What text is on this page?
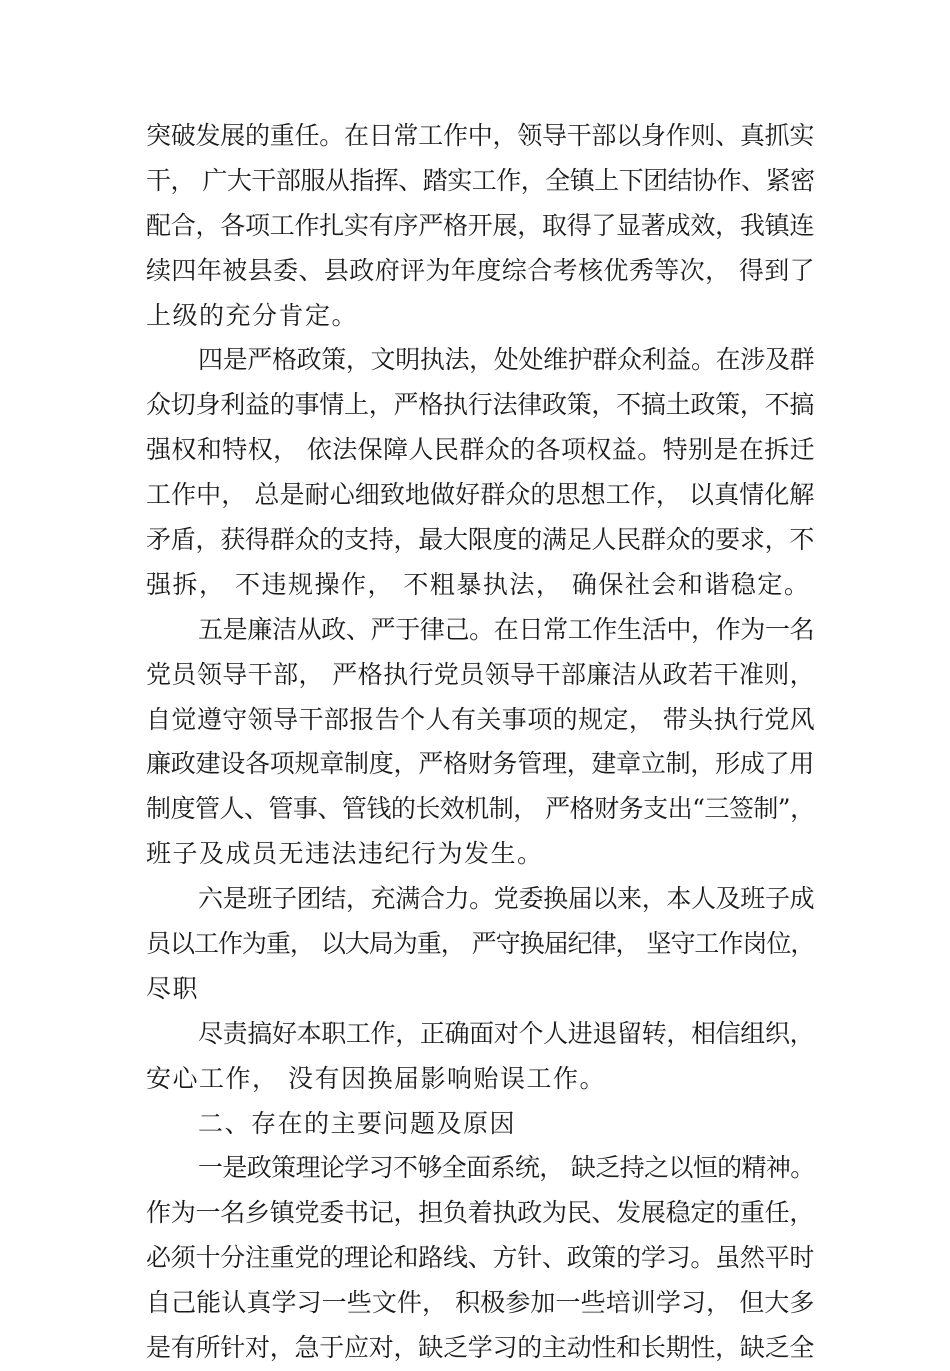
突破发展的重任。在日常工作中，领导干部以身作则、真抓实
干， 广大干部服从指挥、踏实工作，全镇上下团结协作、紧密
配合，各项工作扎实有序严格开展，取得了显著成效，我镇连
续四年被县委、县政府评为年度综合考核优秀等次， 得到了
上级的充分肯定。
四是严格政策，文明执法，处处维护群众利益。在涉及群
众切身利益的事情上，严格执行法律政策，不搞土政策，不搞
强权和特权， 依法保障人民群众的各项权益。特别是在拆迁
工作中， 总是耐心细致地做好群众的思想工作， 以真情化解
矛盾，获得群众的支持，最大限度的满足人民群众的要求，不
强拆， 不违规操作， 不粗暴执法， 确保社会和谐稳定。
五是廉洁从政、严于律己。在日常工作生活中，作为一名
党员领导干部， 严格执行党员领导干部廉洁从政若干准则，
自觉遵守领导干部报告个人有关事项的规定， 带头执行党风
廉政建设各项规章制度，严格财务管理，建章立制，形成了用
制度管人、管事、管钱的长效机制， 严格财务支出“三签制”，
班子及成员无违法违纪行为发生。
六是班子团结，充满合力。党委换届以来，本人及班子成
员以工作为重， 以大局为重， 严守换届纪律， 坚守工作岗位，
尽职
尽责搞好本职工作，正确面对个人进退留转，相信组织，
安心工作， 没有因换届影响贻误工作。
二、存在的主要问题及原因
一是政策理论学习不够全面系统， 缺乏持之以恒的精神。
作为一名乡镇党委书记，担负着执政为民、发展稳定的重任，
必须十分注重党的理论和路线、方针、政策的学习。虽然平时
自己能认真学习一些文件， 积极参加一些培训学习， 但大多
是有所针对，急于应对，缺乏学习的主动性和长期性，缺乏全
